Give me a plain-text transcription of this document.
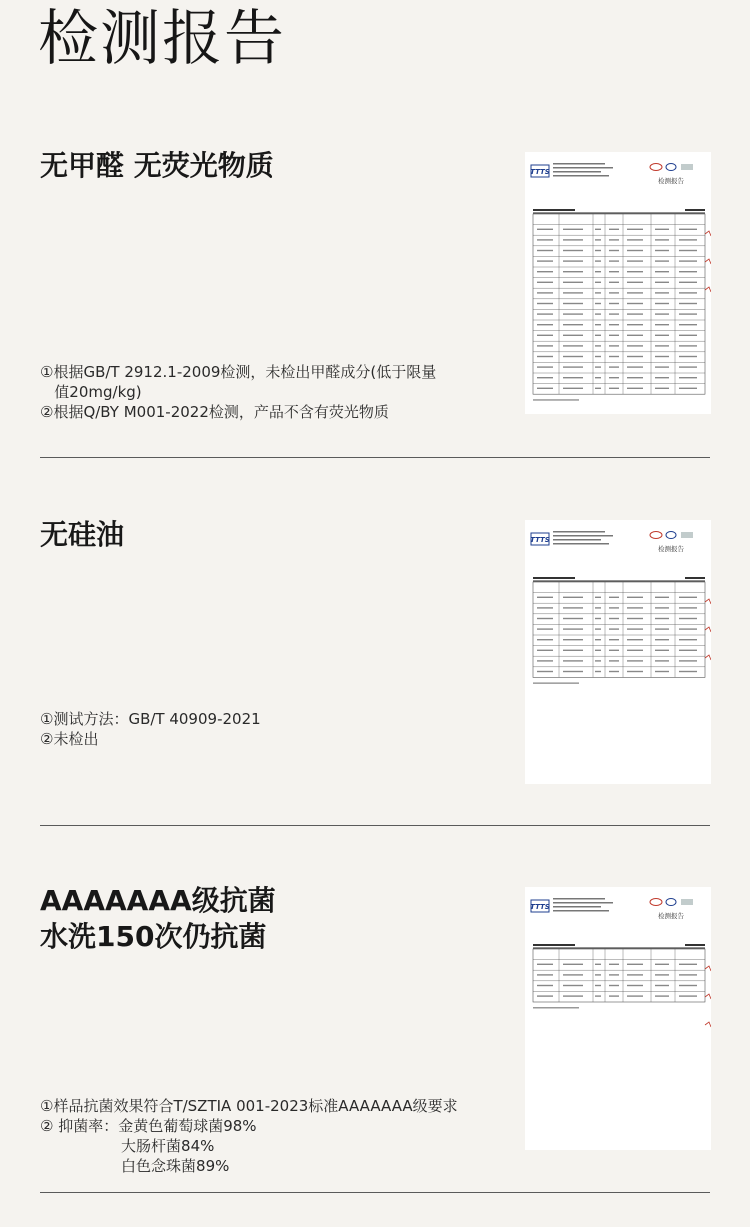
检测报告
无甲醛 无荧光物质
①根据GB/T 2912.1-2009检测，未检出甲醛成分(低于限量
值20mg/kg)
②根据Q/BY M001-2022检测，产品不含有荧光物质
TTTS
检测报告
无硅油
①测试方法：GB/T 40909-2021
②未检出
TTTS
检测报告
AAAAAAA级抗菌
水洗150次仍抗菌
①样品抗菌效果符合T/SZTIA 001-2023标准AAAAAAA级要求
② 抑菌率：金黄色葡萄球菌98%
大肠杆菌84%
白色念珠菌89%
TTTS
检测报告
